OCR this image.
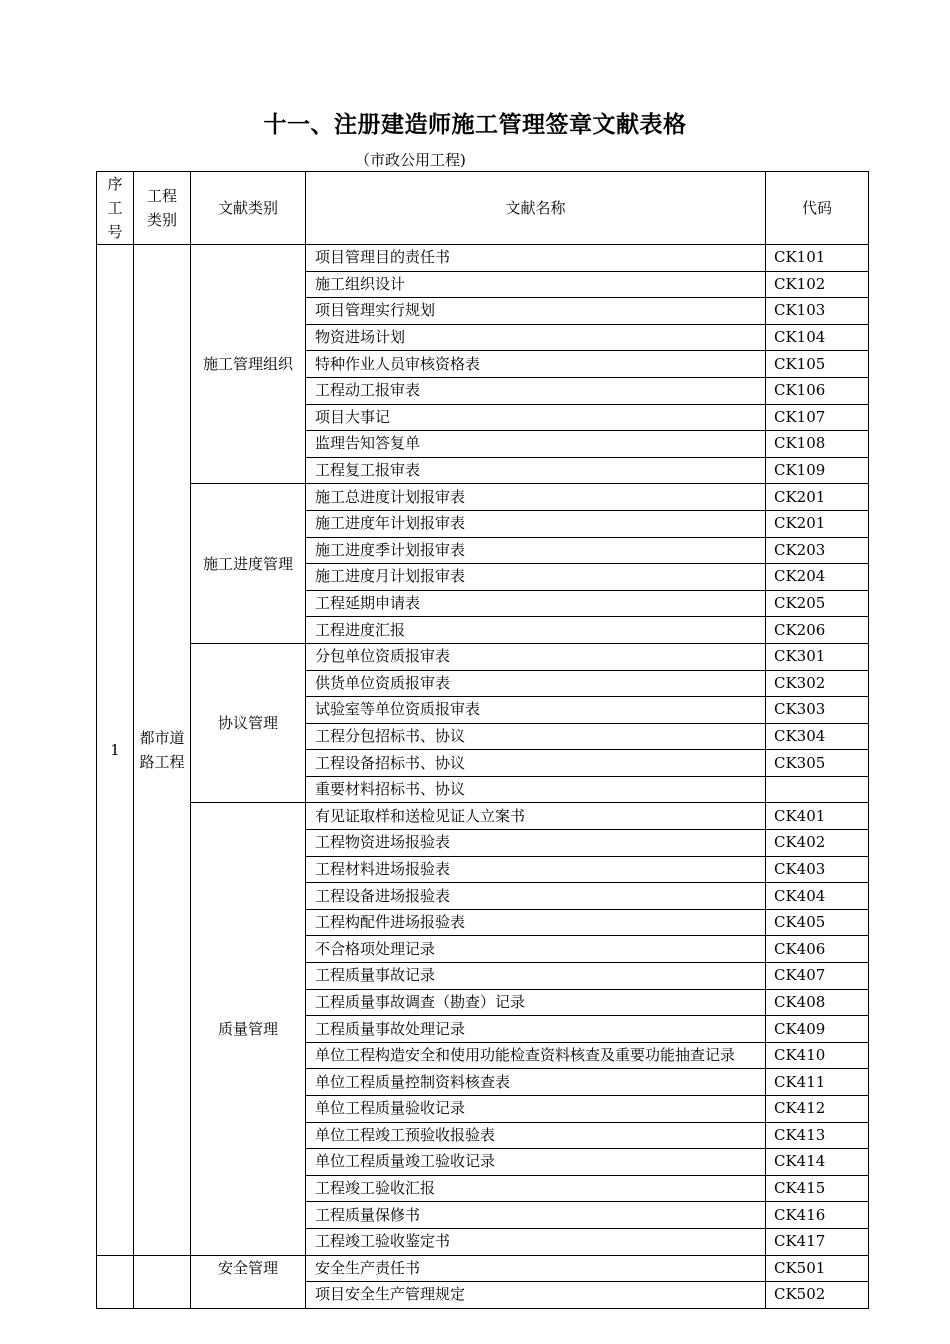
十一、注册建造师施工管理签章文献表格
（市政公用工程)
序工号	工程类别	文献类别	文献名称	代码
1	都市道路工程	施工管理组织	项目管理目的责任书	CK101
			施工组织设计	CK102
			项目管理实行规划	CK103
			物资进场计划	CK104
			特种作业人员审核资格表	CK105
			工程动工报审表	CK106
			项目大事记	CK107
			监理告知答复单	CK108
			工程复工报审表	CK109
		施工进度管理	施工总进度计划报审表	CK201
			施工进度年计划报审表	CK201
			施工进度季计划报审表	CK203
			施工进度月计划报审表	CK204
			工程延期申请表	CK205
			工程进度汇报	CK206
		协议管理	分包单位资质报审表	CK301
			供货单位资质报审表	CK302
			试验室等单位资质报审表	CK303
			工程分包招标书、协议	CK304
			工程设备招标书、协议	CK305
			重要材料招标书、协议	
		质量管理	有见证取样和送检见证人立案书	CK401
			工程物资进场报验表	CK402
			工程材料进场报验表	CK403
			工程设备进场报验表	CK404
			工程构配件进场报验表	CK405
			不合格项处理记录	CK406
			工程质量事故记录	CK407
			工程质量事故调查（勘查）记录	CK408
			工程质量事故处理记录	CK409
			单位工程构造安全和使用功能检查资料核查及重要功能抽查记录	CK410
			单位工程质量控制资料核查表	CK411
			单位工程质量验收记录	CK412
			单位工程竣工预验收报验表	CK413
			单位工程质量竣工验收记录	CK414
			工程竣工验收汇报	CK415
			工程质量保修书	CK416
			工程竣工验收鉴定书	CK417
		安全管理	安全生产责任书	CK501
			项目安全生产管理规定	CK502
